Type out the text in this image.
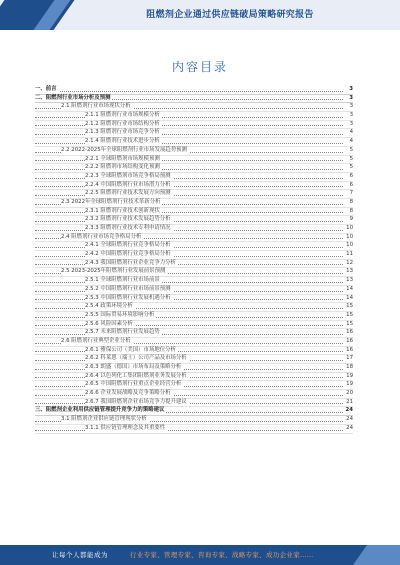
阻燃剂企业通过供应链破局策略研究报告
内容目录
一、前言	3
二、阻燃剂行业市场分析及预测	3
2.1 阻燃剂行业市场现状分析	3
2.1.1 阻燃剂行业市场规模分析	3
2.1.2 阻燃剂行业市场结构分析	3
2.1.3 阻燃剂行业市场竞争分析	4
2.1.4 阻燃剂行业技术进步分析	4
2.2 2022-2025年全球阻燃剂行业市场发展趋势预测	5
2.2.1 全球阻燃剂市场规模预测	5
2.2.2 阻燃剂市场结构变化预测	5
2.2.3 全球阻燃剂市场竞争格局预测	6
2.2.4 中国阻燃剂行业市场潜力分析	6
2.2.5 阻燃剂行业技术发展方向预测	7
2.3 2022年全球阻燃剂行业技术革新分析	8
2.3.1 阻燃剂行业技术创新现状	8
2.3.2 阻燃剂行业技术发展趋势分析	9
2.3.3 阻燃剂行业技术专利申请情况	10
2.4 阻燃剂行业市场竞争格局分析	10
2.4.1 全球阻燃剂行业竞争格局分析	10
2.4.2 中国阻燃剂行业竞争格局分析	11
2.4.3 我国阻燃剂行业企业竞争力分析	12
2.5 2023-2025年阻燃剂行业发展前景预测	13
2.5.1 全球阻燃剂行业市场前景	13
2.5.2 中国阻燃剂行业市场前景预测	14
2.5.3 中国阻燃剂行业发展机遇分析	14
2.5.4 政策环境分析	15
2.5.5 国际贸易环境影响分析	15
2.5.6 风险因素分析	15
2.5.7 未来阻燃剂行业发展趋势	16
2.6 阻燃剂行业典型企业分析	16
2.6.1 雅保公司（美国）市场地位分析	16
2.6.2 科莱恩（瑞士）公司产品及市场分析	17
2.6.3 朗盛（德国）市场布局及策略分析	18
2.6.4 以色列化工集团阻燃剂业务发展分析	19
2.6.5 中国阻燃剂行业重点企业经营分析	19
2.6.6 企业发展战略及竞争策略分析	20
2.6.7 我国阻燃剂企业市场竞争力提升建议	21
三、阻燃剂企业利用供应链管理提升竞争力的策略建议	24
3.1 阻燃剂企业供应链管理现状分析	24
3.1.1 供应链管理理念及其重要性	24
让每个人都能成为	行业专家、管理专家、咨询专家、战略专家、成功企业家……
